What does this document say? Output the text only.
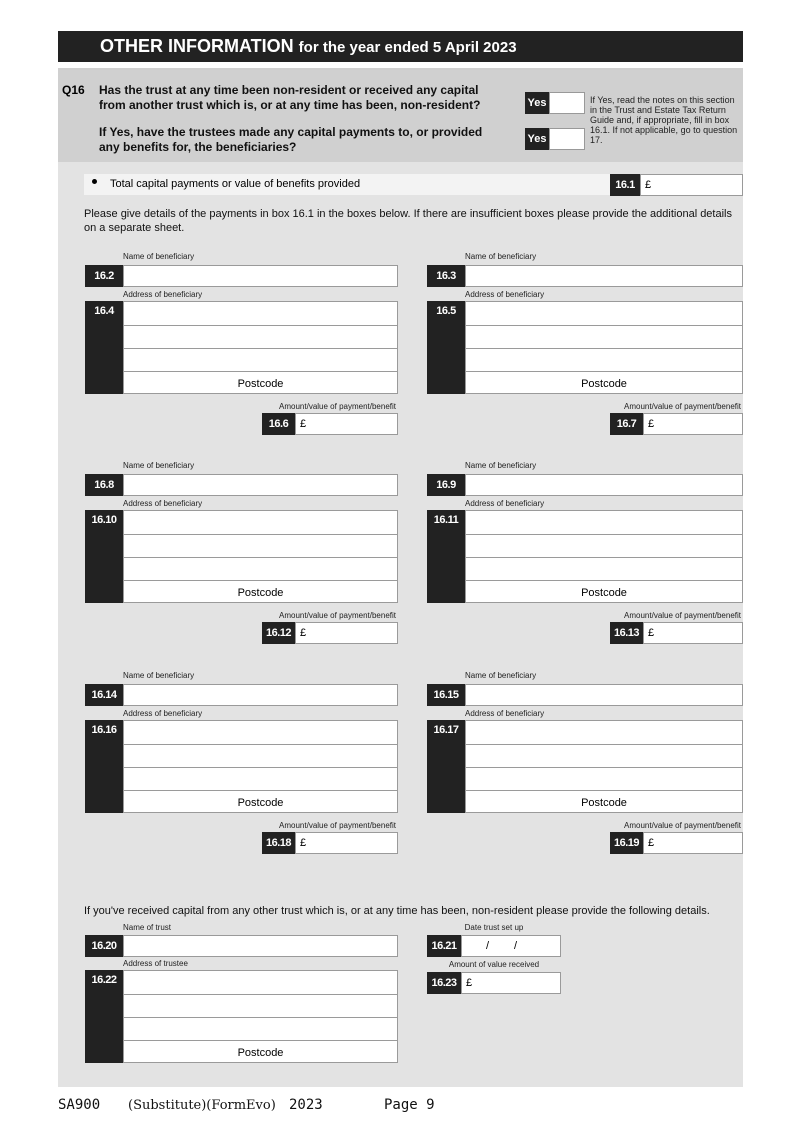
OTHER INFORMATION for the year ended 5 April 2023
Q16 Has the trust at any time been non-resident or received any capital
from another trust which is, or at any time has been, non-resident?
If Yes, have the trustees made any capital payments to, or provided
any benefits for, the beneficiaries?
Yes
Yes
If Yes, read the notes on this section in the Trust and Estate Tax Return Guide and, if appropriate, fill in box 16.1. If not applicable, go to question 17.
Total capital payments or value of benefits provided	16.1 £
Please give details of the payments in box 16.1 in the boxes below. If there are insufficient boxes please provide the additional details on a separate sheet.
Name of beneficiary
16.2
Address of beneficiary
16.4
Postcode
Amount/value of payment/benefit
16.6	£
Name of beneficiary
16.3
Address of beneficiary
16.5
Postcode
Amount/value of payment/benefit
16.7	£
Name of beneficiary
16.8
Address of beneficiary
16.10
Postcode
Amount/value of payment/benefit
16.12 £
Name of beneficiary
16.9
Address of beneficiary
16.11
Postcode
Amount/value of payment/benefit
16.13 £
Name of beneficiary
16.14
Address of beneficiary
16.16
Postcode
Amount/value of payment/benefit
16.18 £
Name of beneficiary
16.15
Address of beneficiary
16.17
Postcode
Amount/value of payment/benefit
16.19 £
If you've received capital from any other trust which is, or at any time has been, non-resident please provide the following details.
Name of trust
16.20
Date trust set up
16.21	/ /
Address of trustee
16.22
Postcode
Amount of value received
16.23 £
SA900 (Substitute)(FormEvo) 2023	Page 9
